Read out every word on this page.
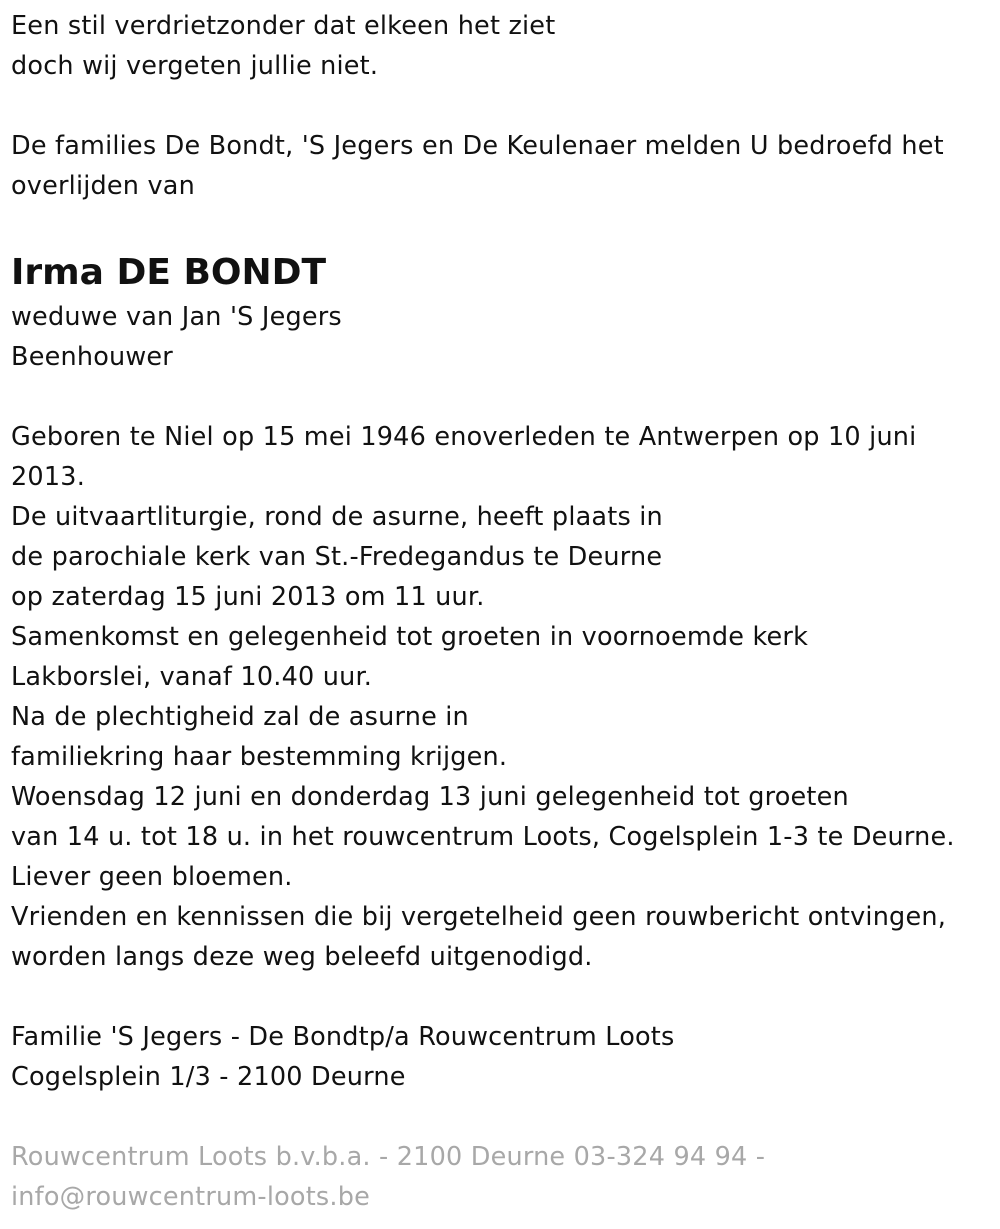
Een stil verdrietzonder dat elkeen het ziet
doch wij vergeten jullie niet.
De families De Bondt, 'S Jegers en De Keulenaer melden U bedroefd het
overlijden van
Irma DE BONDT
weduwe van Jan 'S Jegers
Beenhouwer
Geboren te Niel op 15 mei 1946 enoverleden te Antwerpen op 10 juni
2013.
De uitvaartliturgie, rond de asurne, heeft plaats in
de parochiale kerk van St.-Fredegandus te Deurne
op zaterdag 15 juni 2013 om 11 uur.
Samenkomst en gelegenheid tot groeten in voornoemde kerk
Lakborslei, vanaf 10.40 uur.
Na de plechtigheid zal de asurne in
familiekring haar bestemming krijgen.
Woensdag 12 juni en donderdag 13 juni gelegenheid tot groeten
van 14 u. tot 18 u. in het rouwcentrum Loots, Cogelsplein 1-3 te Deurne.
Liever geen bloemen.
Vrienden en kennissen die bij vergetelheid geen rouwbericht ontvingen,
worden langs deze weg beleefd uitgenodigd.
Familie 'S Jegers - De Bondtp/a Rouwcentrum Loots
Cogelsplein 1/3 - 2100 Deurne
Rouwcentrum Loots b.v.b.a. - 2100 Deurne 03-324 94 94 -
info@rouwcentrum-loots.be
